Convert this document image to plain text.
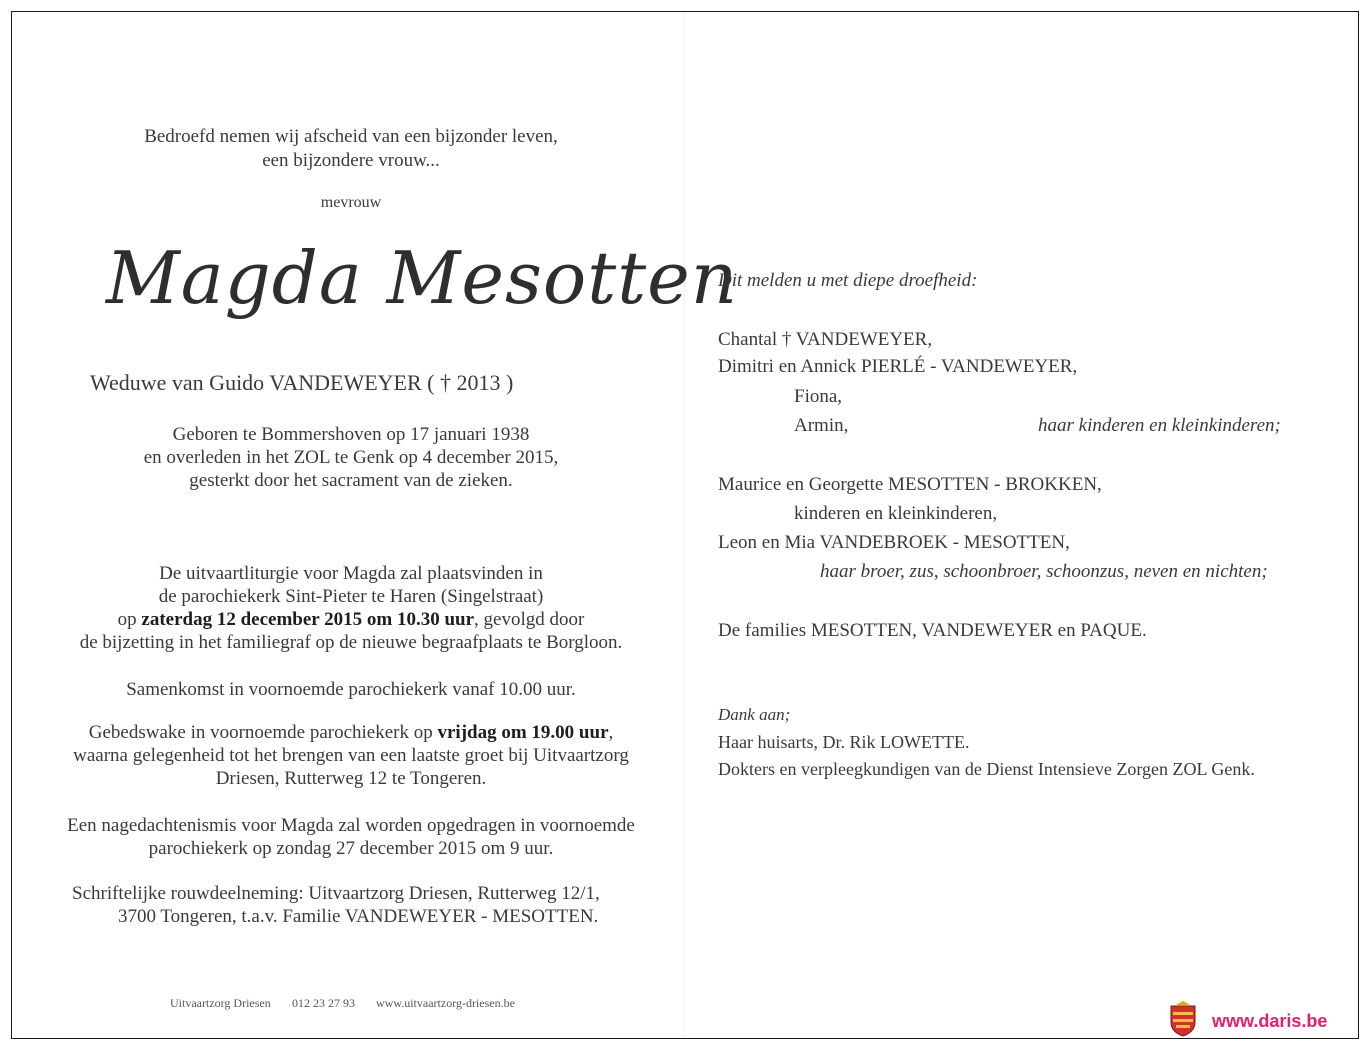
Bedroefd nemen wij afscheid van een bijzonder leven,
een bijzondere vrouw...
mevrouw
Magda Mesotten
Weduwe van Guido VANDEWEYER ( † 2013 )
Geboren te Bommershoven op 17 januari 1938
en overleden in het ZOL te Genk op 4 december 2015,
gesterkt door het sacrament van de zieken.
De uitvaartliturgie voor Magda zal plaatsvinden in
de parochiekerk Sint-Pieter te Haren (Singelstraat)
op zaterdag 12 december 2015 om 10.30 uur, gevolgd door
de bijzetting in het familiegraf op de nieuwe begraafplaats te Borgloon.
Samenkomst in voornoemde parochiekerk vanaf 10.00 uur.
Gebedswake in voornoemde parochiekerk op vrijdag om 19.00 uur,
waarna gelegenheid tot het brengen van een laatste groet bij Uitvaartzorg
Driesen, Rutterweg 12 te Tongeren.
Een nagedachtenismis voor Magda zal worden opgedragen in voornoemde
parochiekerk op zondag 27 december 2015 om 9 uur.
Schriftelijke rouwdeelneming: Uitvaartzorg Driesen, Rutterweg 12/1,
3700 Tongeren, t.a.v. Familie VANDEWEYER - MESOTTEN.
Uitvaartzorg Driesen 012 23 27 93 www.uitvaartzorg-driesen.be
Dit melden u met diepe droefheid:
Chantal † VANDEWEYER,
Dimitri en Annick PIERLÉ - VANDEWEYER,
Fiona,
Armin,	haar kinderen en kleinkinderen;
Maurice en Georgette MESOTTEN - BROKKEN,
kinderen en kleinkinderen,
Leon en Mia VANDEBROEK - MESOTTEN,
haar broer, zus, schoonbroer, schoonzus, neven en nichten;
De families MESOTTEN, VANDEWEYER en PAQUE.
Dank aan;
Haar huisarts, Dr. Rik LOWETTE.
Dokters en verpleegkundigen van de Dienst Intensieve Zorgen ZOL Genk.
www.daris.be
